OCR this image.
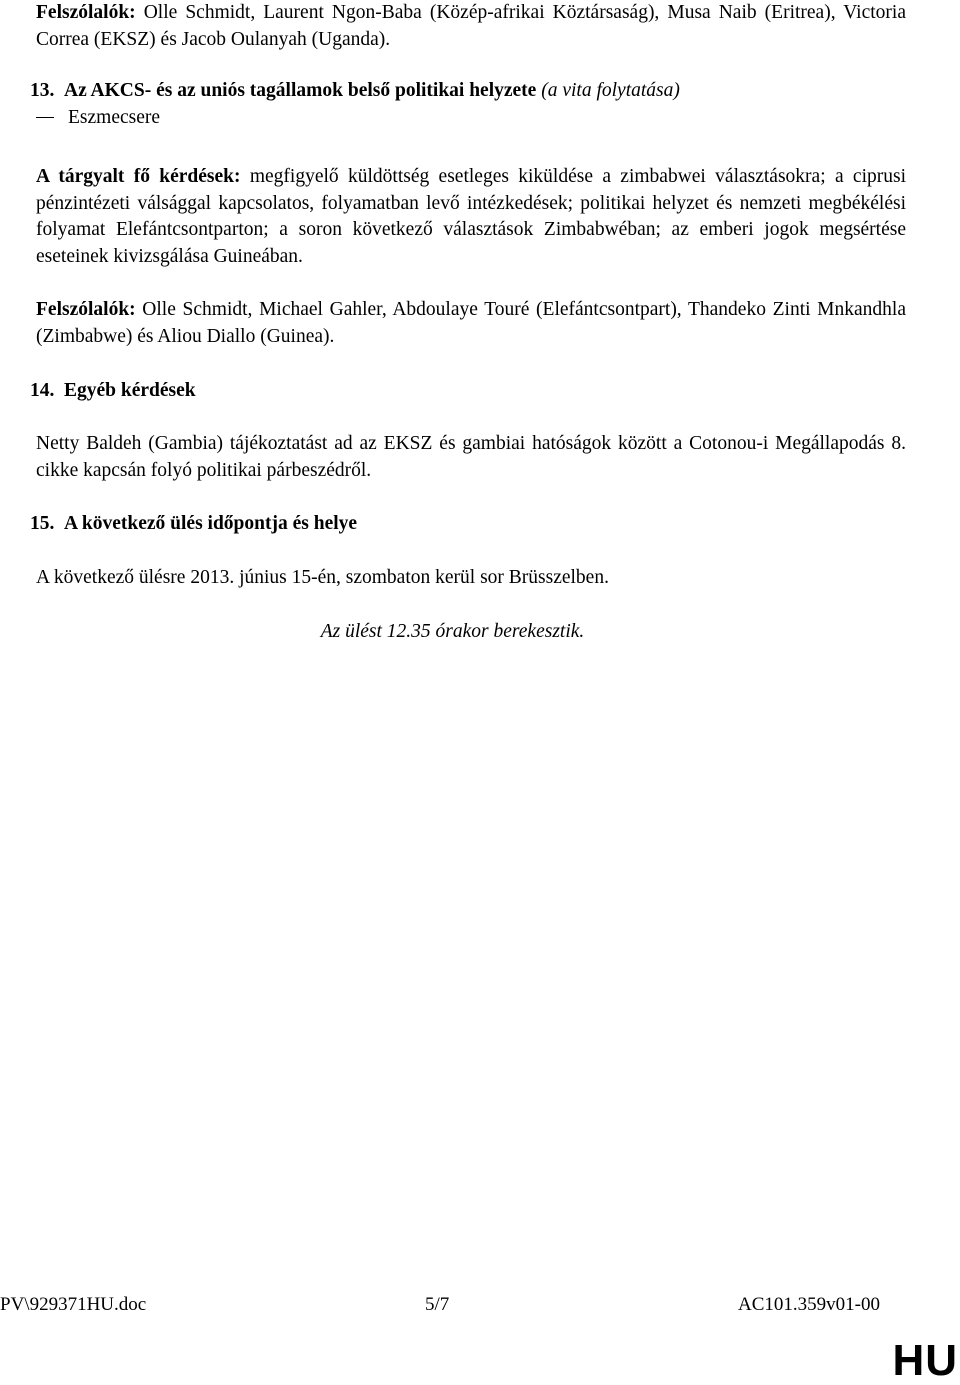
Felszólalók: Olle Schmidt, Laurent Ngon-Baba (Közép-afrikai Köztársaság), Musa Naib (Eritrea), Victoria Correa (EKSZ) és Jacob Oulanyah (Uganda).
13. Az AKCS- és az uniós tagállamok belső politikai helyzete (a vita folytatása)
Eszmecsere
A tárgyalt fő kérdések: megfigyelő küldöttség esetleges kiküldése a zimbabwei választásokra; a ciprusi pénzintézeti válsággal kapcsolatos, folyamatban levő intézkedések; politikai helyzet és nemzeti megbékélési folyamat Elefántcsontparton; a soron következő választások Zimbabwéban; az emberi jogok megsértése eseteinek kivizsgálása Guineában.
Felszólalók: Olle Schmidt, Michael Gahler, Abdoulaye Touré (Elefántcsontpart), Thandeko Zinti Mnkandhla (Zimbabwe) és Aliou Diallo (Guinea).
14. Egyéb kérdések
Netty Baldeh (Gambia) tájékoztatást ad az EKSZ és gambiai hatóságok között a Cotonou-i Megállapodás 8. cikke kapcsán folyó politikai párbeszédről.
15. A következő ülés időpontja és helye
A következő ülésre 2013. június 15-én, szombaton kerül sor Brüsszelben.
Az ülést 12.35 órakor berekesztik.
PV\929371HU.doc	5/7	AC101.359v01-00
HU
